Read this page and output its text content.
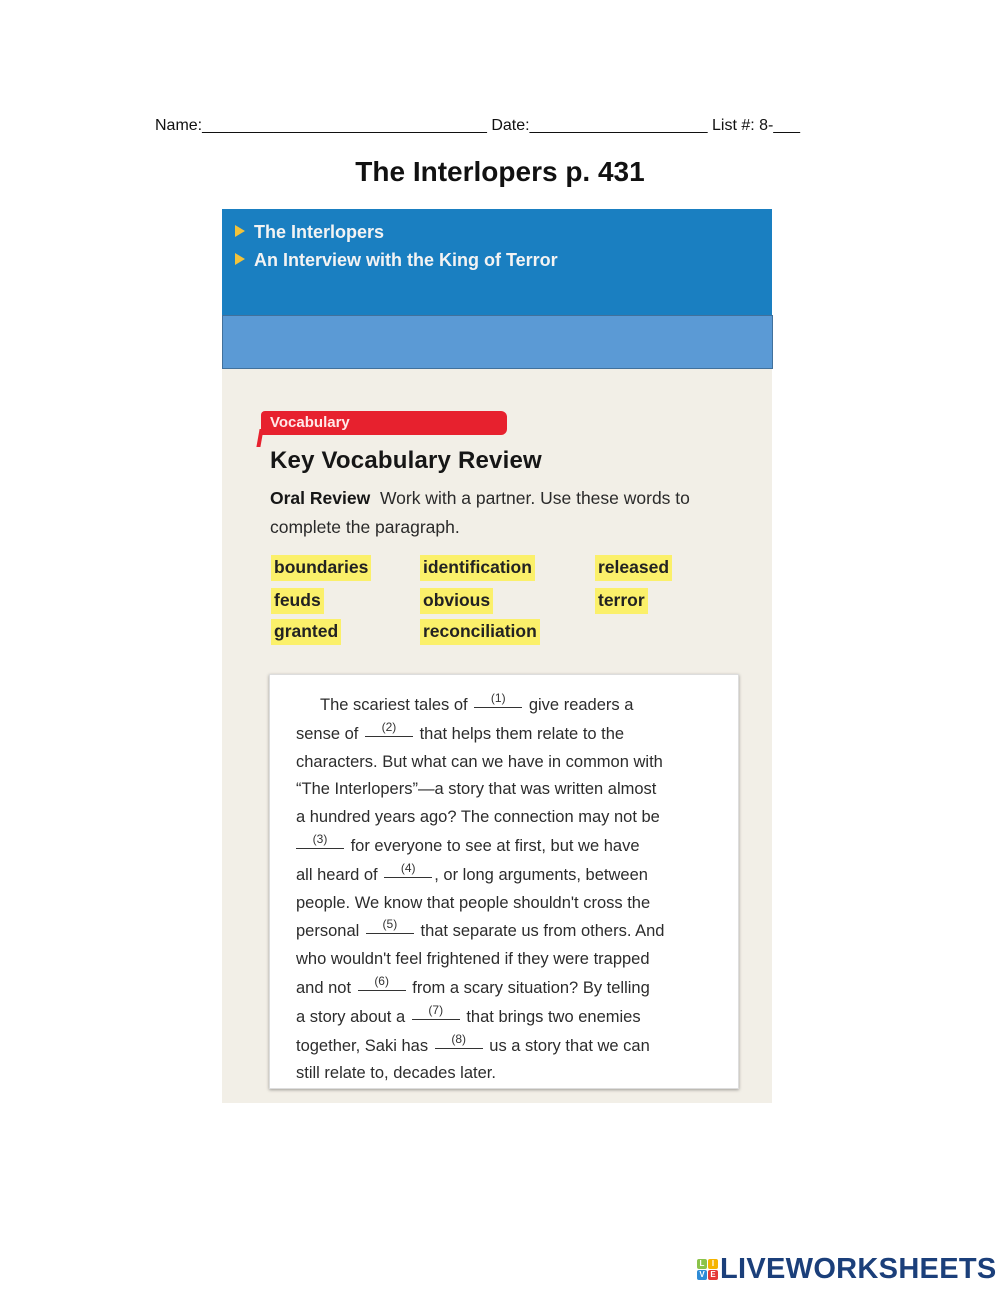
Name:________________________________ Date:____________________ List #: 8-___
The Interlopers p. 431
The Interlopers
An Interview with the King of Terror
Vocabulary
Key Vocabulary Review
Oral Review Work with a partner. Use these words to complete the paragraph.
boundaries	identification	released
feuds	obvious	terror
granted	reconciliation
The scariest tales of	(1)	give readers a
sense of	(2)	that helps them relate to the
characters. But what can we have in common with
“The Interlopers”—a story that was written almost
a hundred years ago? The connection may not be
(3)	for everyone to see at first, but we have
all heard of	(4)	, or long arguments, between
people. We know that people shouldn't cross the
personal	(5)	that separate us from others. And
who wouldn't feel frightened if they were trapped
and not	(6)	from a scary situation? By telling
a story about a	(7)	that brings two enemies
together, Saki has	(8)	us a story that we can
still relate to, decades later.
L I
V E LIVEWORKSHEETS
